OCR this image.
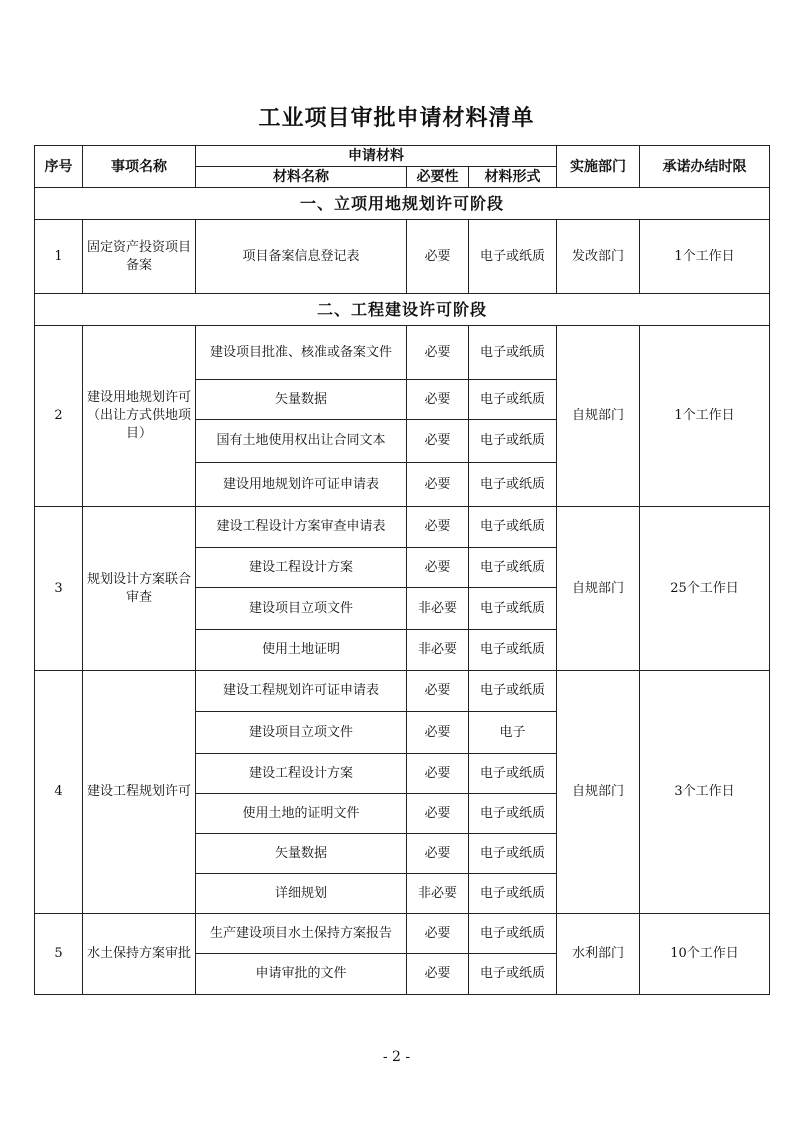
工业项目审批申请材料清单
序号	事项名称	申请材料			实施部门	承诺办结时限
		材料名称	必要性	材料形式		
一、立项用地规划许可阶段						
1	固定资产投资项目备案	项目备案信息登记表	必要	电子或纸质	发改部门	1个工作日
二、工程建设许可阶段						
2	建设用地规划许可（出让方式供地项目）	建设项目批准、核准或备案文件	必要	电子或纸质	自规部门	1个工作日
		矢量数据	必要	电子或纸质		
		国有土地使用权出让合同文本	必要	电子或纸质		
		建设用地规划许可证申请表	必要	电子或纸质		
3	规划设计方案联合审查	建设工程设计方案审查申请表	必要	电子或纸质	自规部门	25个工作日
		建设工程设计方案	必要	电子或纸质		
		建设项目立项文件	非必要	电子或纸质		
		使用土地证明	非必要	电子或纸质		
4	建设工程规划许可	建设工程规划许可证申请表	必要	电子或纸质	自规部门	3个工作日
		建设项目立项文件	必要	电子		
		建设工程设计方案	必要	电子或纸质		
		使用土地的证明文件	必要	电子或纸质		
		矢量数据	必要	电子或纸质		
		详细规划	非必要	电子或纸质		
5	水土保持方案审批	生产建设项目水土保持方案报告	必要	电子或纸质	水利部门	10个工作日
		申请审批的文件	必要	电子或纸质		
- 2 -
